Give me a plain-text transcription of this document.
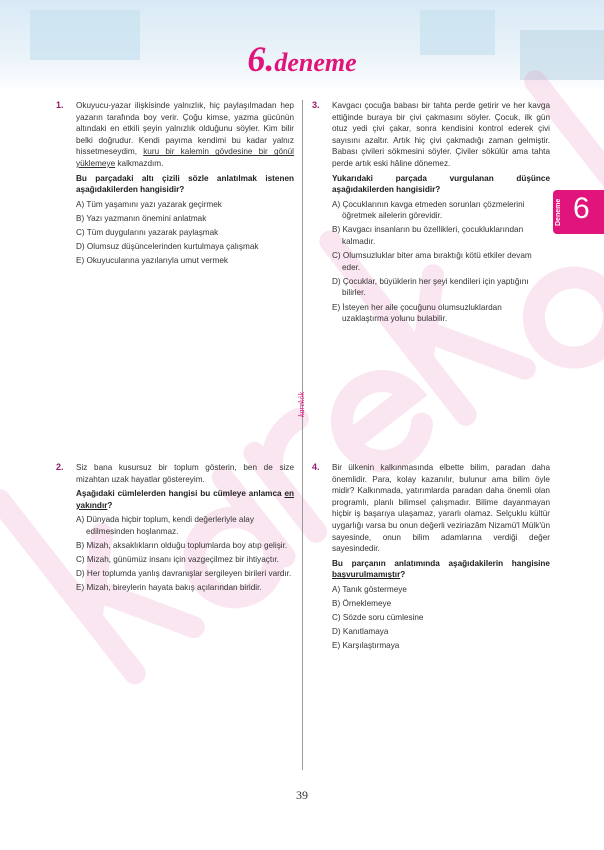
6.deneme
karekök
Deneme 6
1. Okuyucu-yazar ilişkisinde yalnızlık, hiç paylaşılmadan hep yazarın tarafında boy verir. Çoğu kimse, yazma gücünün altındaki en etkili şeyin yalnızlık olduğunu söyler. Kim bilir belki doğrudur. Kendi payıma kendimi bu kadar yalnız hissetmeseydim, kuru bir kalemin gövdesine bir gönül yüklemeye kalkmazdım.

Bu parçadaki altı çizili sözle anlatılmak istenen aşağıdakilerden hangisidir?

A) Tüm yaşamını yazı yazarak geçirmek
B) Yazı yazmanın önemini anlatmak
C) Tüm duygularını yazarak paylaşmak
D) Olumsuz düşüncelerinden kurtulmaya çalışmak
E) Okuyucularına yazılarıyla umut vermek
3. Kavgacı çocuğa babası bir tahta perde getirir ve her kavga ettiğinde buraya bir çivi çakmasını söyler. Çocuk, ilk gün otuz yedi çivi çakar, sonra kendisini kontrol ederek çivi sayısını azaltır. Artık hiç çivi çakmadığı zaman gelmiştir. Babası çivileri sökmesini söyler. Çiviler sökülür ama tahta perde artık eski hâline dönemez.

Yukarıdaki parçada vurgulanan düşünce aşağıdakilerden hangisidir?

A) Çocuklarının kavga etmeden sorunları çözmelerini öğretmek ailelerin görevidir.
B) Kavgacı insanların bu özellikleri, çocukluklarından kalmadır.
C) Olumsuzluklar biter ama bıraktığı kötü etkiler devam eder.
D) Çocuklar, büyüklerin her şeyi kendileri için yaptığını bilirler.
E) İsteyen her aile çocuğunu olumsuzluklardan uzaklaştırma yolunu bulabilir.
2. Siz bana kusursuz bir toplum gösterin, ben de size mizahtan uzak hayatlar göstereyim.

Aşağıdaki cümlelerden hangisi bu cümleye anlamca en yakındır?

A) Dünyada hiçbir toplum, kendi değerleriyle alay edilmesinden hoşlanmaz.
B) Mizah, aksaklıkların olduğu toplumlarda boy atıp gelişir.
C) Mizah, günümüz insanı için vazgeçilmez bir ihtiyaçtır.
D) Her toplumda yanlış davranışlar sergileyen birileri vardır.
E) Mizah, bireylerin hayata bakış açılarından biridir.
4. Bir ülkenin kalkınmasında elbette bilim, paradan daha önemlidir. Para, kolay kazanılır, bulunur ama bilim öyle midir? Kalkınmada, yatırımlarda paradan daha önemli olan programlı, planlı bilimsel çalışmadır. Bilime dayanmayan hiçbir iş başarıya ulaşamaz, yararlı olamaz. Selçuklu kültür uygarlığı varsa bu onun değerli veziriazâm Nizamü'l Mülk'ün sayesinde, onun bilim adamlarına verdiği değer sayesindedir.

Bu parçanın anlatımında aşağıdakilerin hangisine başvurulmamıştır?

A) Tanık göstermeye
B) Örneklemeye
C) Sözde soru cümlesine
D) Kanıtlamaya
E) Karşılaştırmaya
39
